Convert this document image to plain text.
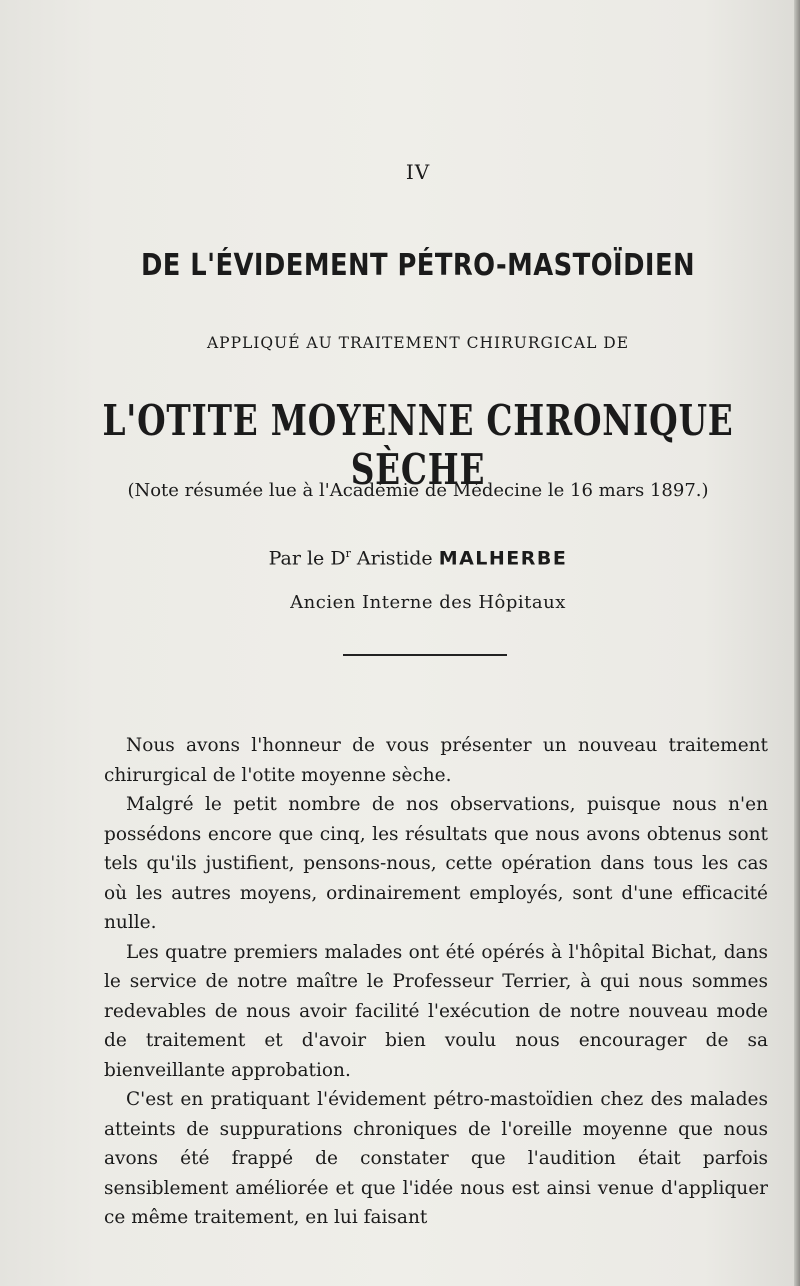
IV
DE L'ÉVIDEMENT PÉTRO-MASTOÏDIEN
APPLIQUÉ AU TRAITEMENT CHIRURGICAL DE
L'OTITE MOYENNE CHRONIQUE SÈCHE
(Note résumée lue à l'Académie de Médecine le 16 mars 1897.)
Par le $D^r$ Aristide MALHERBE
Ancien Interne des Hôpitaux

Nous avons l'honneur de vous présenter un nouveau traitement chirurgical de l'otite moyenne sèche.

Malgré le petit nombre de nos observations, puisque nous n'en possédons encore que cinq, les résultats que nous avons obtenus sont tels qu'ils justifient, pensons-nous, cette opération dans tous les cas où les autres moyens, ordinairement employés, sont d'une efficacité nulle.

Les quatre premiers malades ont été opérés à l'hôpital Bichat, dans le service de notre maître le Professeur Terrier, à qui nous sommes redevables de nous avoir facilité l'exécution de notre nouveau mode de traitement et d'avoir bien voulu nous encourager de sa bienveillante approbation.

C'est en pratiquant l'évidement pétro-mastoïdien chez des malades atteints de suppurations chroniques de l'oreille moyenne que nous avons été frappé de constater que l'audition était parfois sensiblement améliorée et que l'idée nous est ainsi venue d'appliquer ce même traitement, en lui faisant
